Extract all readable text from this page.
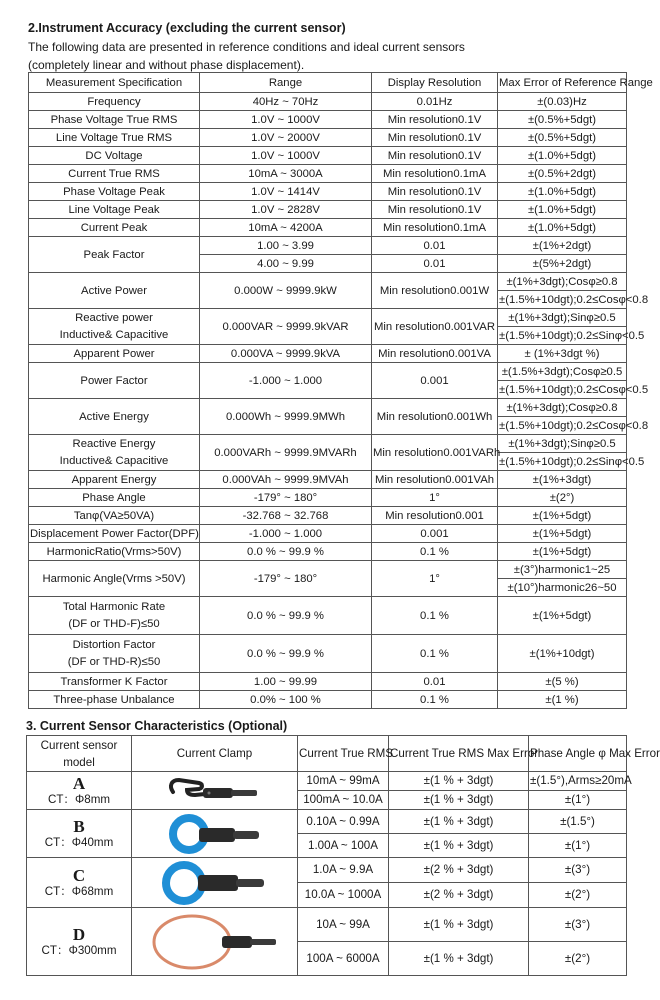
2.Instrument Accuracy (excluding the current sensor)
The following data are presented in reference conditions and ideal current sensors
(completely linear and without phase displacement).
Measurement Specification	Range	Display Resolution	Max Error of Reference Range
Frequency	40Hz ~ 70Hz	0.01Hz	±(0.03)Hz
Phase Voltage True RMS	1.0V ~ 1000V	Min resolution0.1V	±(0.5%+5dgt)
Line Voltage True RMS	1.0V ~ 2000V	Min resolution0.1V	±(0.5%+5dgt)
DC Voltage	1.0V ~ 1000V	Min resolution0.1V	±(1.0%+5dgt)
Current True RMS	10mA ~ 3000A	Min resolution0.1mA	±(0.5%+2dgt)
Phase Voltage Peak	1.0V ~ 1414V	Min resolution0.1V	±(1.0%+5dgt)
Line Voltage Peak	1.0V ~ 2828V	Min resolution0.1V	±(1.0%+5dgt)
Current Peak	10mA ~ 4200A	Min resolution0.1mA	±(1.0%+5dgt)
Peak Factor	1.00 ~ 3.99	0.01	±(1%+2dgt)
	4.00 ~ 9.99	0.01	±(5%+2dgt)
Active Power	0.000W ~ 9999.9kW	Min resolution0.001W	±(1%+3dgt);Cosφ≥0.8
			±(1.5%+10dgt);0.2≤Cosφ<0.8
Reactive power
Inductive& Capacitive	0.000VAR ~ 9999.9kVAR	Min resolution0.001VAR	±(1%+3dgt);Sinφ≥0.5
			±(1.5%+10dgt);0.2≤Sinφ<0.5
Apparent Power	0.000VA ~ 9999.9kVA	Min resolution0.001VA	± (1%+3dgt %)
Power Factor	-1.000 ~ 1.000	0.001	±(1.5%+3dgt);Cosφ≥0.5
			±(1.5%+10dgt);0.2≤Cosφ<0.5
Active Energy	0.000Wh ~ 9999.9MWh	Min resolution0.001Wh	±(1%+3dgt);Cosφ≥0.8
			±(1.5%+10dgt);0.2≤Cosφ<0.8
Reactive Energy
Inductive& Capacitive	0.000VARh ~ 9999.9MVARh	Min resolution0.001VARh	±(1%+3dgt);Sinφ≥0.5
			±(1.5%+10dgt);0.2≤Sinφ<0.5
Apparent Energy	0.000VAh ~ 9999.9MVAh	Min resolution0.001VAh	±(1%+3dgt)
Phase Angle	-179° ~ 180°	1°	±(2°)
Tanφ(VA≥50VA)	-32.768 ~ 32.768	Min resolution0.001	±(1%+5dgt)
Displacement Power Factor(DPF)	-1.000 ~ 1.000	0.001	±(1%+5dgt)
HarmonicRatio(Vrms>50V)	0.0 % ~ 99.9 %	0.1 %	±(1%+5dgt)
Harmonic Angle(Vrms >50V)	-179° ~ 180°	1°	±(3°)harmonic1~25
			±(10°)harmonic26~50
Total Harmonic Rate
(DF or THD-F)≤50	0.0 % ~ 99.9 %	0.1 %	±(1%+5dgt)
Distortion Factor
(DF or THD-R)≤50	0.0 % ~ 99.9 %	0.1 %	±(1%+10dgt)
Transformer K Factor	1.00 ~ 99.99	0.01	±(5 %)
Three-phase Unbalance	0.0% ~ 100 %	0.1 %	±(1 %)
3. Current Sensor Characteristics (Optional)
Current sensor
model	Current Clamp	Current True RMS	Current True RMS Max Error	Phase Angle φ Max Error

A
CT：Φ8mm		10mA ~ 99mA	±(1 % + 3dgt)	±(1.5°),Arms≥20mA
		100mA ~ 10.0A	±(1 % + 3dgt)	±(1°)

B
CT：Φ40mm		0.10A ~ 0.99A	±(1 % + 3dgt)	±(1.5°)
		1.00A ~ 100A	±(1 % + 3dgt)	±(1°)

C
CT：Φ68mm		1.0A ~ 9.9A	±(2 % + 3dgt)	±(3°)
		10.0A ~ 1000A	±(2 % + 3dgt)	±(2°)

D
CT：Φ300mm		10A ~ 99A	±(1 % + 3dgt)	±(3°)
		100A ~ 6000A	±(1 % + 3dgt)	±(2°)
